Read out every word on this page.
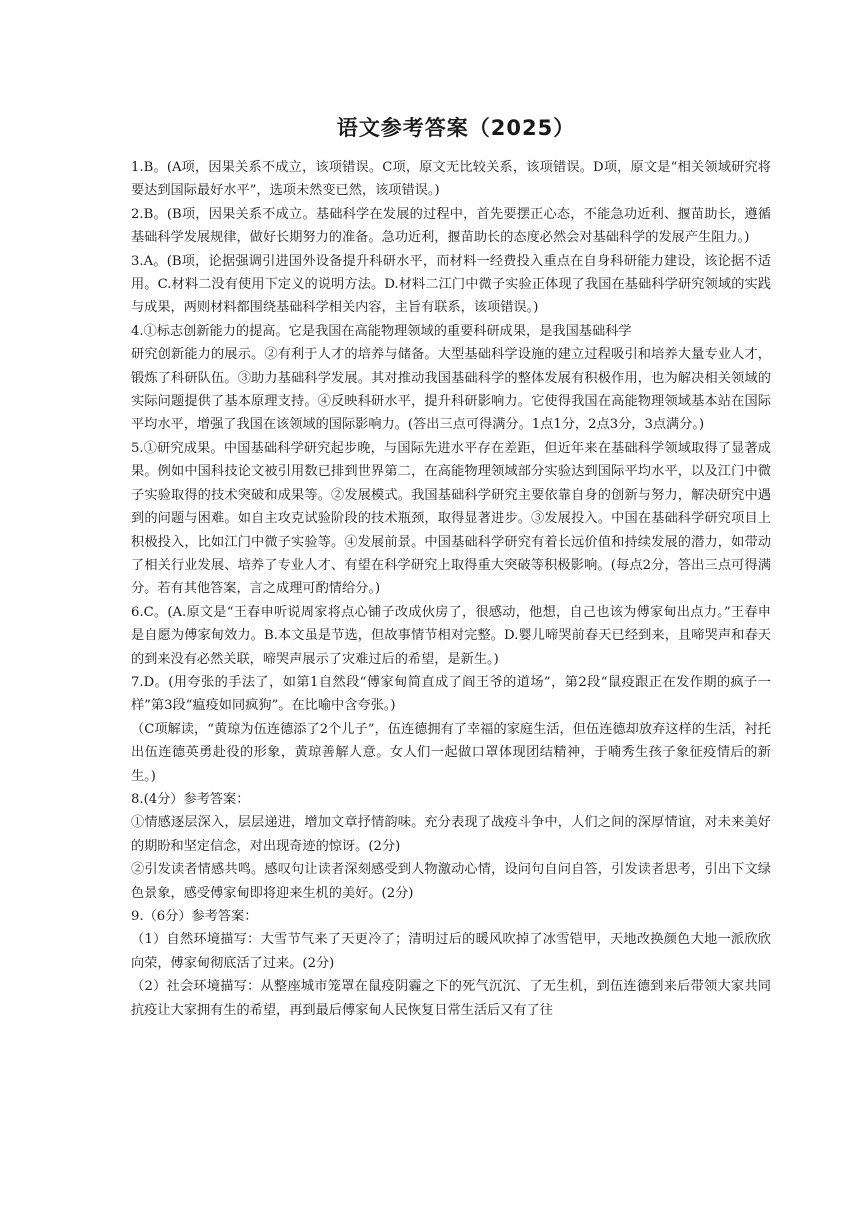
语文参考答案（2025）

1.B。(A项，因果关系不成立，该项错误。C项，原文无比较关系，该项错误。D项，原文是“相关领域研究将要达到国际最好水平”，选项未然变已然，该项错误。)

2.B。(B项，因果关系不成立。基础科学在发展的过程中，首先要摆正心态，不能急功近利、揠苗助长，遵循基础科学发展规律，做好长期努力的准备。急功近利，揠苗助长的态度必然会对基础科学的发展产生阻力。)

3.A。(B项，论据强调引进国外设备提升科研水平，而材料一经费投入重点在自身科研能力建设，该论据不适用。C.材料二没有使用下定义的说明方法。D.材料二江门中微子实验正体现了我国在基础科学研究领域的实践与成果，两则材料都围绕基础科学相关内容，主旨有联系，该项错误。)

4.①标志创新能力的提高。它是我国在高能物理领域的重要科研成果，是我国基础科学

研究创新能力的展示。②有利于人才的培养与储备。大型基础科学设施的建立过程吸引和培养大量专业人才，锻炼了科研队伍。③助力基础科学发展。其对推动我国基础科学的整体发展有积极作用，也为解决相关领域的实际问题提供了基本原理支持。④反映科研水平，提升科研影响力。它使得我国在高能物理领域基本站在国际平均水平，增强了我国在该领域的国际影响力。(答出三点可得满分。1点1分，2点3分，3点满分。)

5.①研究成果。中国基础科学研究起步晚，与国际先进水平存在差距，但近年来在基础科学领域取得了显著成果。例如中国科技论文被引用数已排到世界第二，在高能物理领域部分实验达到国际平均水平，以及江门中微子实验取得的技术突破和成果等。②发展模式。我国基础科学研究主要依靠自身的创新与努力，解决研究中遇到的问题与困难。如自主攻克试验阶段的技术瓶颈，取得显著进步。③发展投入。中国在基础科学研究项目上积极投入，比如江门中微子实验等。④发展前景。中国基础科学研究有着长远价值和持续发展的潜力，如带动了相关行业发展、培养了专业人才、有望在科学研究上取得重大突破等积极影响。(每点2分，答出三点可得满分。若有其他答案，言之成理可酌情给分。)

6.C。(A.原文是“王春申听说周家将点心铺子改成伙房了，很感动，他想，自己也该为傅家甸出点力。”王春申是自愿为傅家甸效力。B.本文虽是节选，但故事情节相对完整。D.婴儿啼哭前春天已经到来，且啼哭声和春天的到来没有必然关联，啼哭声展示了灾难过后的希望，是新生。)

7.D。(用夸张的手法了，如第1自然段“傅家甸简直成了阎王爷的道场”，第2段“鼠疫跟正在发作期的疯子一样”第3段“瘟疫如同疯狗”。在比喻中含夸张。)

（C项解读，“黄琼为伍连德添了2个儿子”，伍连德拥有了幸福的家庭生活，但伍连德却放弃这样的生活，衬托出伍连德英勇赴役的形象，黄琼善解人意。女人们一起做口罩体现团结精神，于喃秀生孩子象征疫情后的新生。)

8.(4分）参考答案：

①情感逐层深入，层层递进，增加文章抒情韵味。充分表现了战疫斗争中，人们之间的深厚情谊，对未来美好的期盼和坚定信念，对出现奇迹的惊讶。(2分)

②引发读者情感共鸣。感叹句让读者深刻感受到人物激动心情，设问句自问自答，引发读者思考，引出下文绿色景象，感受傅家甸即将迎来生机的美好。(2分)

9.（6分）参考答案：

（1）自然环境描写：大雪节气来了天更冷了；清明过后的暖风吹掉了冰雪铠甲，天地改换颜色大地一派欣欣向荣，傅家甸彻底活了过来。(2分)

（2）社会环境描写：从整座城市笼罩在鼠疫阴霾之下的死气沉沉、了无生机，到伍连德到来后带领大家共同抗疫让大家拥有生的希望，再到最后傅家甸人民恢复日常生活后又有了往
